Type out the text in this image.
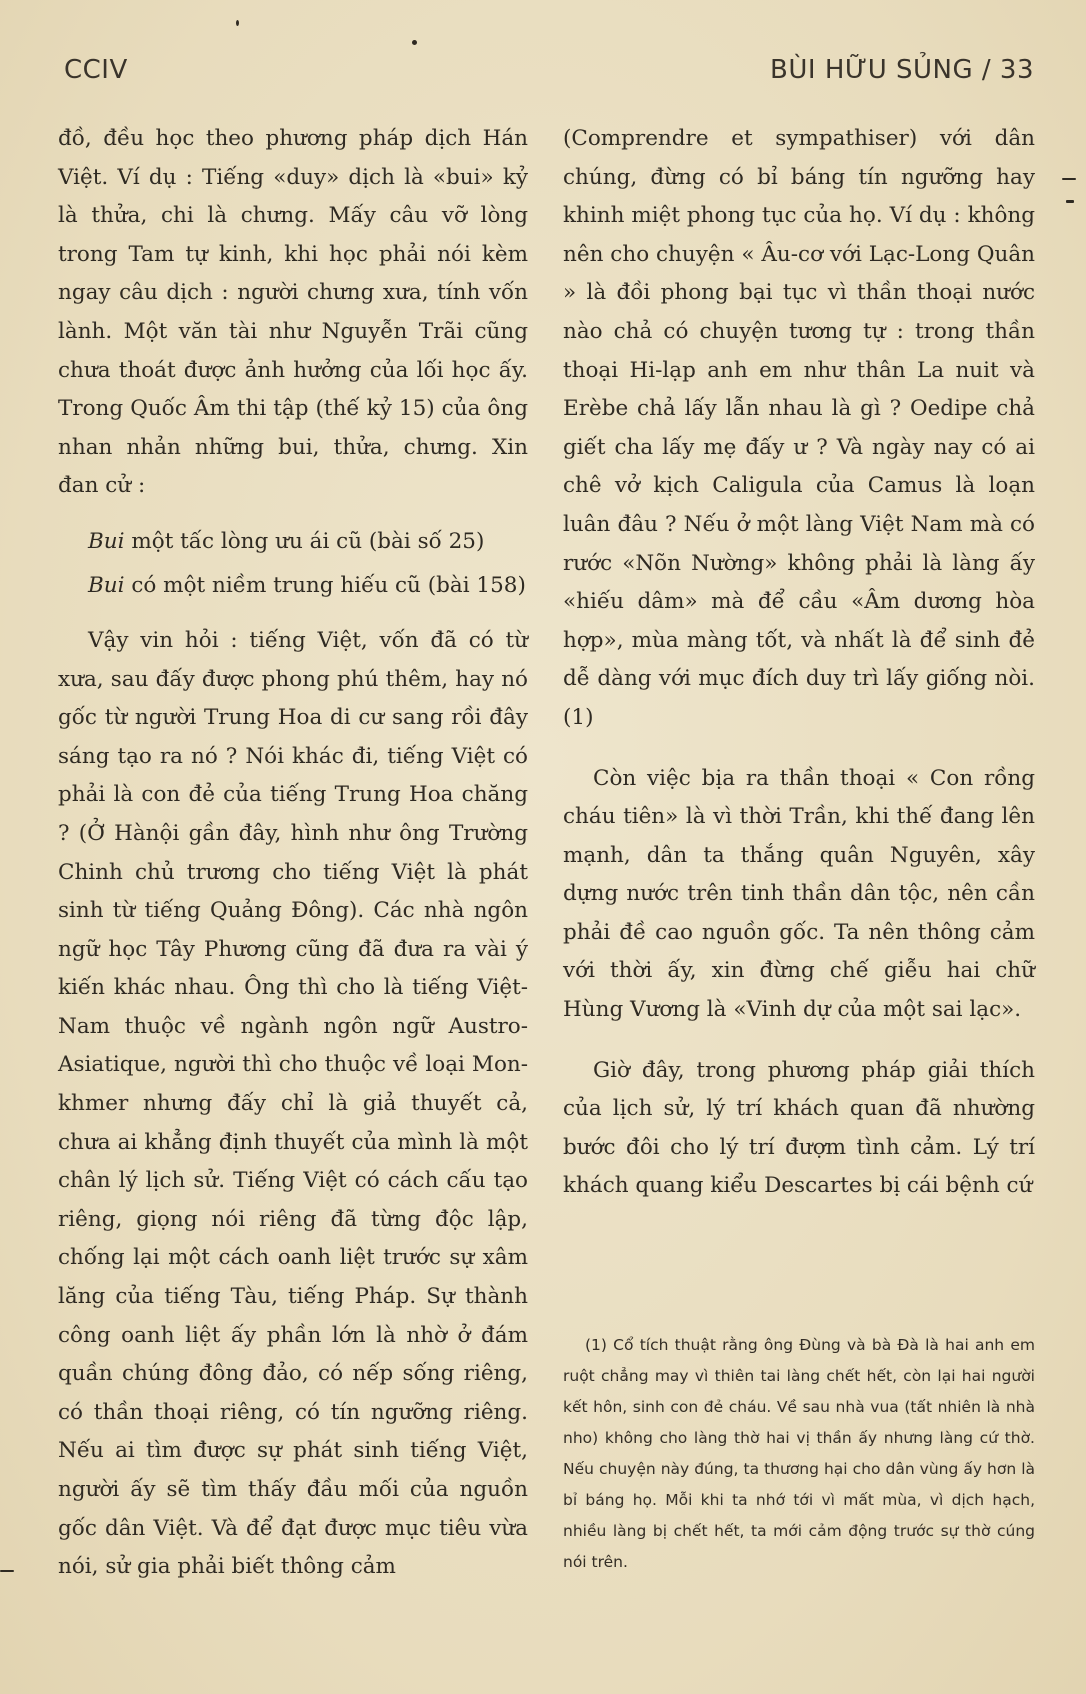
CCIV	BÙI HỮU SỦNG / 33

đồ, đều học theo phương pháp dịch Hán Việt. Ví dụ : Tiếng «duy» dịch là «bui» kỷ là thửa, chi là chưng. Mấy câu vỡ lòng trong Tam tự kinh, khi học phải nói kèm ngay câu dịch : người chưng xưa, tính vốn lành. Một văn tài như Nguyễn Trãi cũng chưa thoát được ảnh hưởng của lối học ấy. Trong Quốc Âm thi tập (thế kỷ 15) của ông nhan nhản những bui, thửa, chưng. Xin đan cử :

Bui một tấc lòng ưu ái cũ (bài số 25)

Bui có một niềm trung hiếu cũ (bài 158)

Vậy vin hỏi : tiếng Việt, vốn đã có từ xưa, sau đấy được phong phú thêm, hay nó gốc từ người Trung Hoa di cư sang rồi đây sáng tạo ra nó ? Nói khác đi, tiếng Việt có phải là con đẻ của tiếng Trung Hoa chăng ? (Ở Hànội gần đây, hình như ông Trường Chinh chủ trương cho tiếng Việt là phát sinh từ tiếng Quảng Đông). Các nhà ngôn ngữ học Tây Phương cũng đã đưa ra vài ý kiến khác nhau. Ông thì cho là tiếng Việt-Nam thuộc về ngành ngôn ngữ Austro-Asiatique, người thì cho thuộc về loại Mon-khmer nhưng đấy chỉ là giả thuyết cả, chưa ai khẳng định thuyết của mình là một chân lý lịch sử. Tiếng Việt có cách cấu tạo riêng, giọng nói riêng đã từng độc lập, chống lại một cách oanh liệt trước sự xâm lăng của tiếng Tàu, tiếng Pháp. Sự thành công oanh liệt ấy phần lớn là nhờ ở đám quần chúng đông đảo, có nếp sống riêng, có thần thoại riêng, có tín ngưỡng riêng. Nếu ai tìm được sự phát sinh tiếng Việt, người ấy sẽ tìm thấy đầu mối của nguồn gốc dân Việt. Và để đạt được mục tiêu vừa nói, sử gia phải biết thông cảm

(Comprendre et sympathiser) với dân chúng, đừng có bỉ báng tín ngưỡng hay khinh miệt phong tục của họ. Ví dụ : không nên cho chuyện « Âu-cơ với Lạc-Long Quân » là đồi phong bại tục vì thần thoại nước nào chả có chuyện tương tự : trong thần thoại Hi-lạp anh em như thân La nuit và Erèbe chả lấy lẫn nhau là gì ? Oedipe chả giết cha lấy mẹ đấy ư ? Và ngày nay có ai chê vở kịch Caligula của Camus là loạn luân đâu ? Nếu ở một làng Việt Nam mà có rước «Nõn Nường» không phải là làng ấy «hiếu dâm» mà để cầu «Âm dương hòa hợp», mùa màng tốt, và nhất là để sinh đẻ dễ dàng với mục đích duy trì lấy giống nòi. (1)

Còn việc bịa ra thần thoại « Con rồng cháu tiên» là vì thời Trần, khi thế đang lên mạnh, dân ta thắng quân Nguyên, xây dựng nước trên tinh thần dân tộc, nên cần phải đề cao nguồn gốc. Ta nên thông cảm với thời ấy, xin đừng chế giễu hai chữ Hùng Vương là «Vinh dự của một sai lạc».

Giờ đây, trong phương pháp giải thích của lịch sử, lý trí khách quan đã nhường bước đôi cho lý trí đượm tình cảm. Lý trí khách quang kiểu Descartes bị cái bệnh cứ

(1) Cổ tích thuật rằng ông Đùng và bà Đà là hai anh em ruột chẳng may vì thiên tai làng chết hết, còn lại hai người kết hôn, sinh con đẻ cháu. Về sau nhà vua (tất nhiên là nhà nho) không cho làng thờ hai vị thần ấy nhưng làng cứ thờ. Nếu chuyện này đúng, ta thương hại cho dân vùng ấy hơn là bỉ báng họ. Mỗi khi ta nhớ tới vì mất mùa, vì dịch hạch, nhiều làng bị chết hết, ta mới cảm động trước sự thờ cúng nói trên.
